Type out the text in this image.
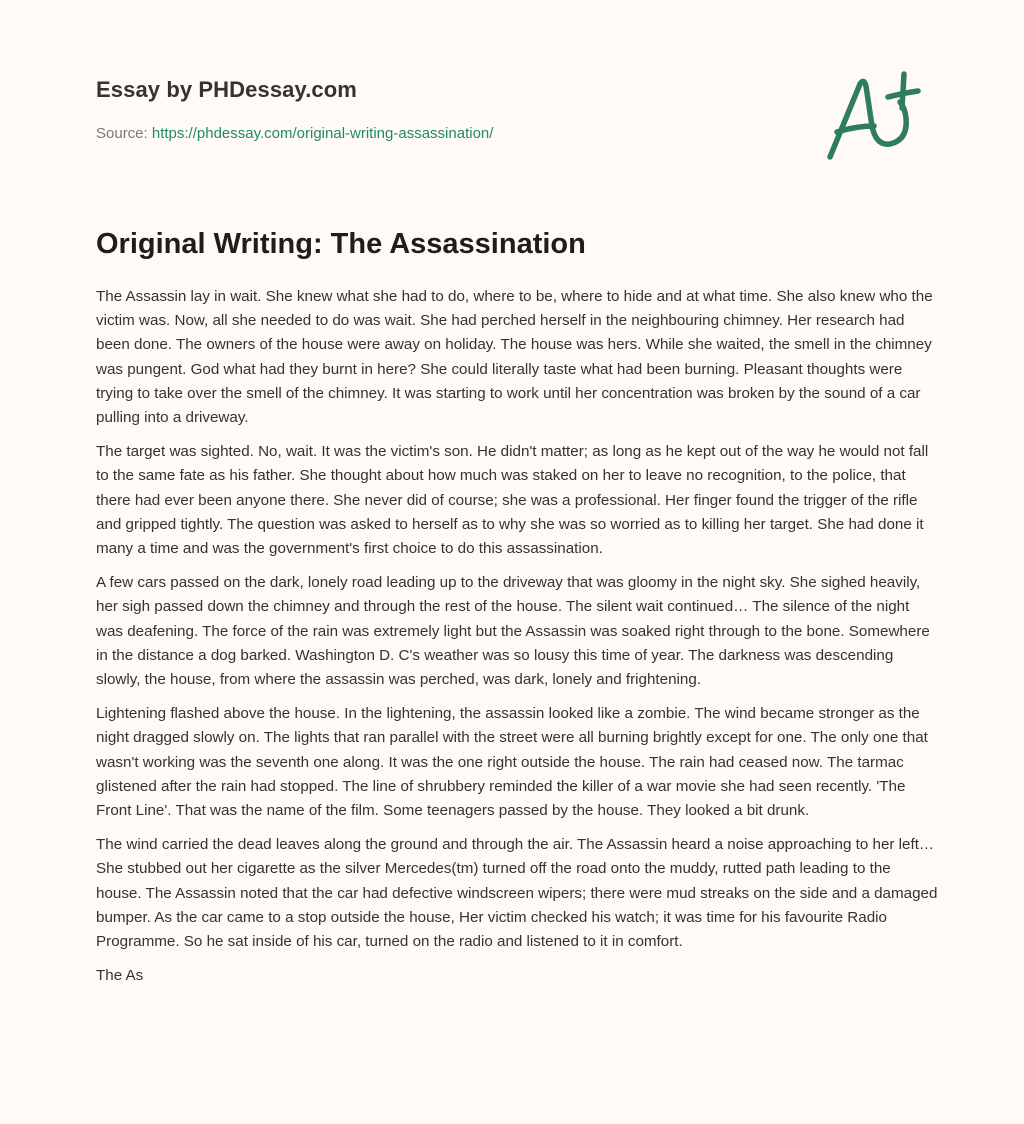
Essay by PHDessay.com
Source: https://phdessay.com/original-writing-assassination/
Original Writing: The Assassination

The Assassin lay in wait. She knew what she had to do, where to be, where to hide and at what time. She also knew who the victim was. Now, all she needed to do was wait. She had perched herself in the neighbouring chimney. Her research had been done. The owners of the house were away on holiday. The house was hers. While she waited, the smell in the chimney was pungent. God what had they burnt in here? She could literally taste what had been burning. Pleasant thoughts were trying to take over the smell of the chimney. It was starting to work until her concentration was broken by the sound of a car pulling into a driveway.

The target was sighted. No, wait. It was the victim's son. He didn't matter; as long as he kept out of the way he would not fall to the same fate as his father. She thought about how much was staked on her to leave no recognition, to the police, that there had ever been anyone there. She never did of course; she was a professional. Her finger found the trigger of the rifle and gripped tightly. The question was asked to herself as to why she was so worried as to killing her target. She had done it many a time and was the government's first choice to do this assassination.

A few cars passed on the dark, lonely road leading up to the driveway that was gloomy in the night sky. She sighed heavily, her sigh passed down the chimney and through the rest of the house. The silent wait continued… The silence of the night was deafening. The force of the rain was extremely light but the Assassin was soaked right through to the bone. Somewhere in the distance a dog barked. Washington D. C's weather was so lousy this time of year. The darkness was descending slowly, the house, from where the assassin was perched, was dark, lonely and frightening.

Lightening flashed above the house. In the lightening, the assassin looked like a zombie. The wind became stronger as the night dragged slowly on. The lights that ran parallel with the street were all burning brightly except for one. The only one that wasn't working was the seventh one along. It was the one right outside the house. The rain had ceased now. The tarmac glistened after the rain had stopped. The line of shrubbery reminded the killer of a war movie she had seen recently. 'The Front Line'. That was the name of the film. Some teenagers passed by the house. They looked a bit drunk.

The wind carried the dead leaves along the ground and through the air. The Assassin heard a noise approaching to her left… She stubbed out her cigarette as the silver Mercedes(tm) turned off the road onto the muddy, rutted path leading to the house. The Assassin noted that the car had defective windscreen wipers; there were mud streaks on the side and a damaged bumper. As the car came to a stop outside the house, Her victim checked his watch; it was time for his favourite Radio Programme. So he sat inside of his car, turned on the radio and listened to it in comfort.

The As
